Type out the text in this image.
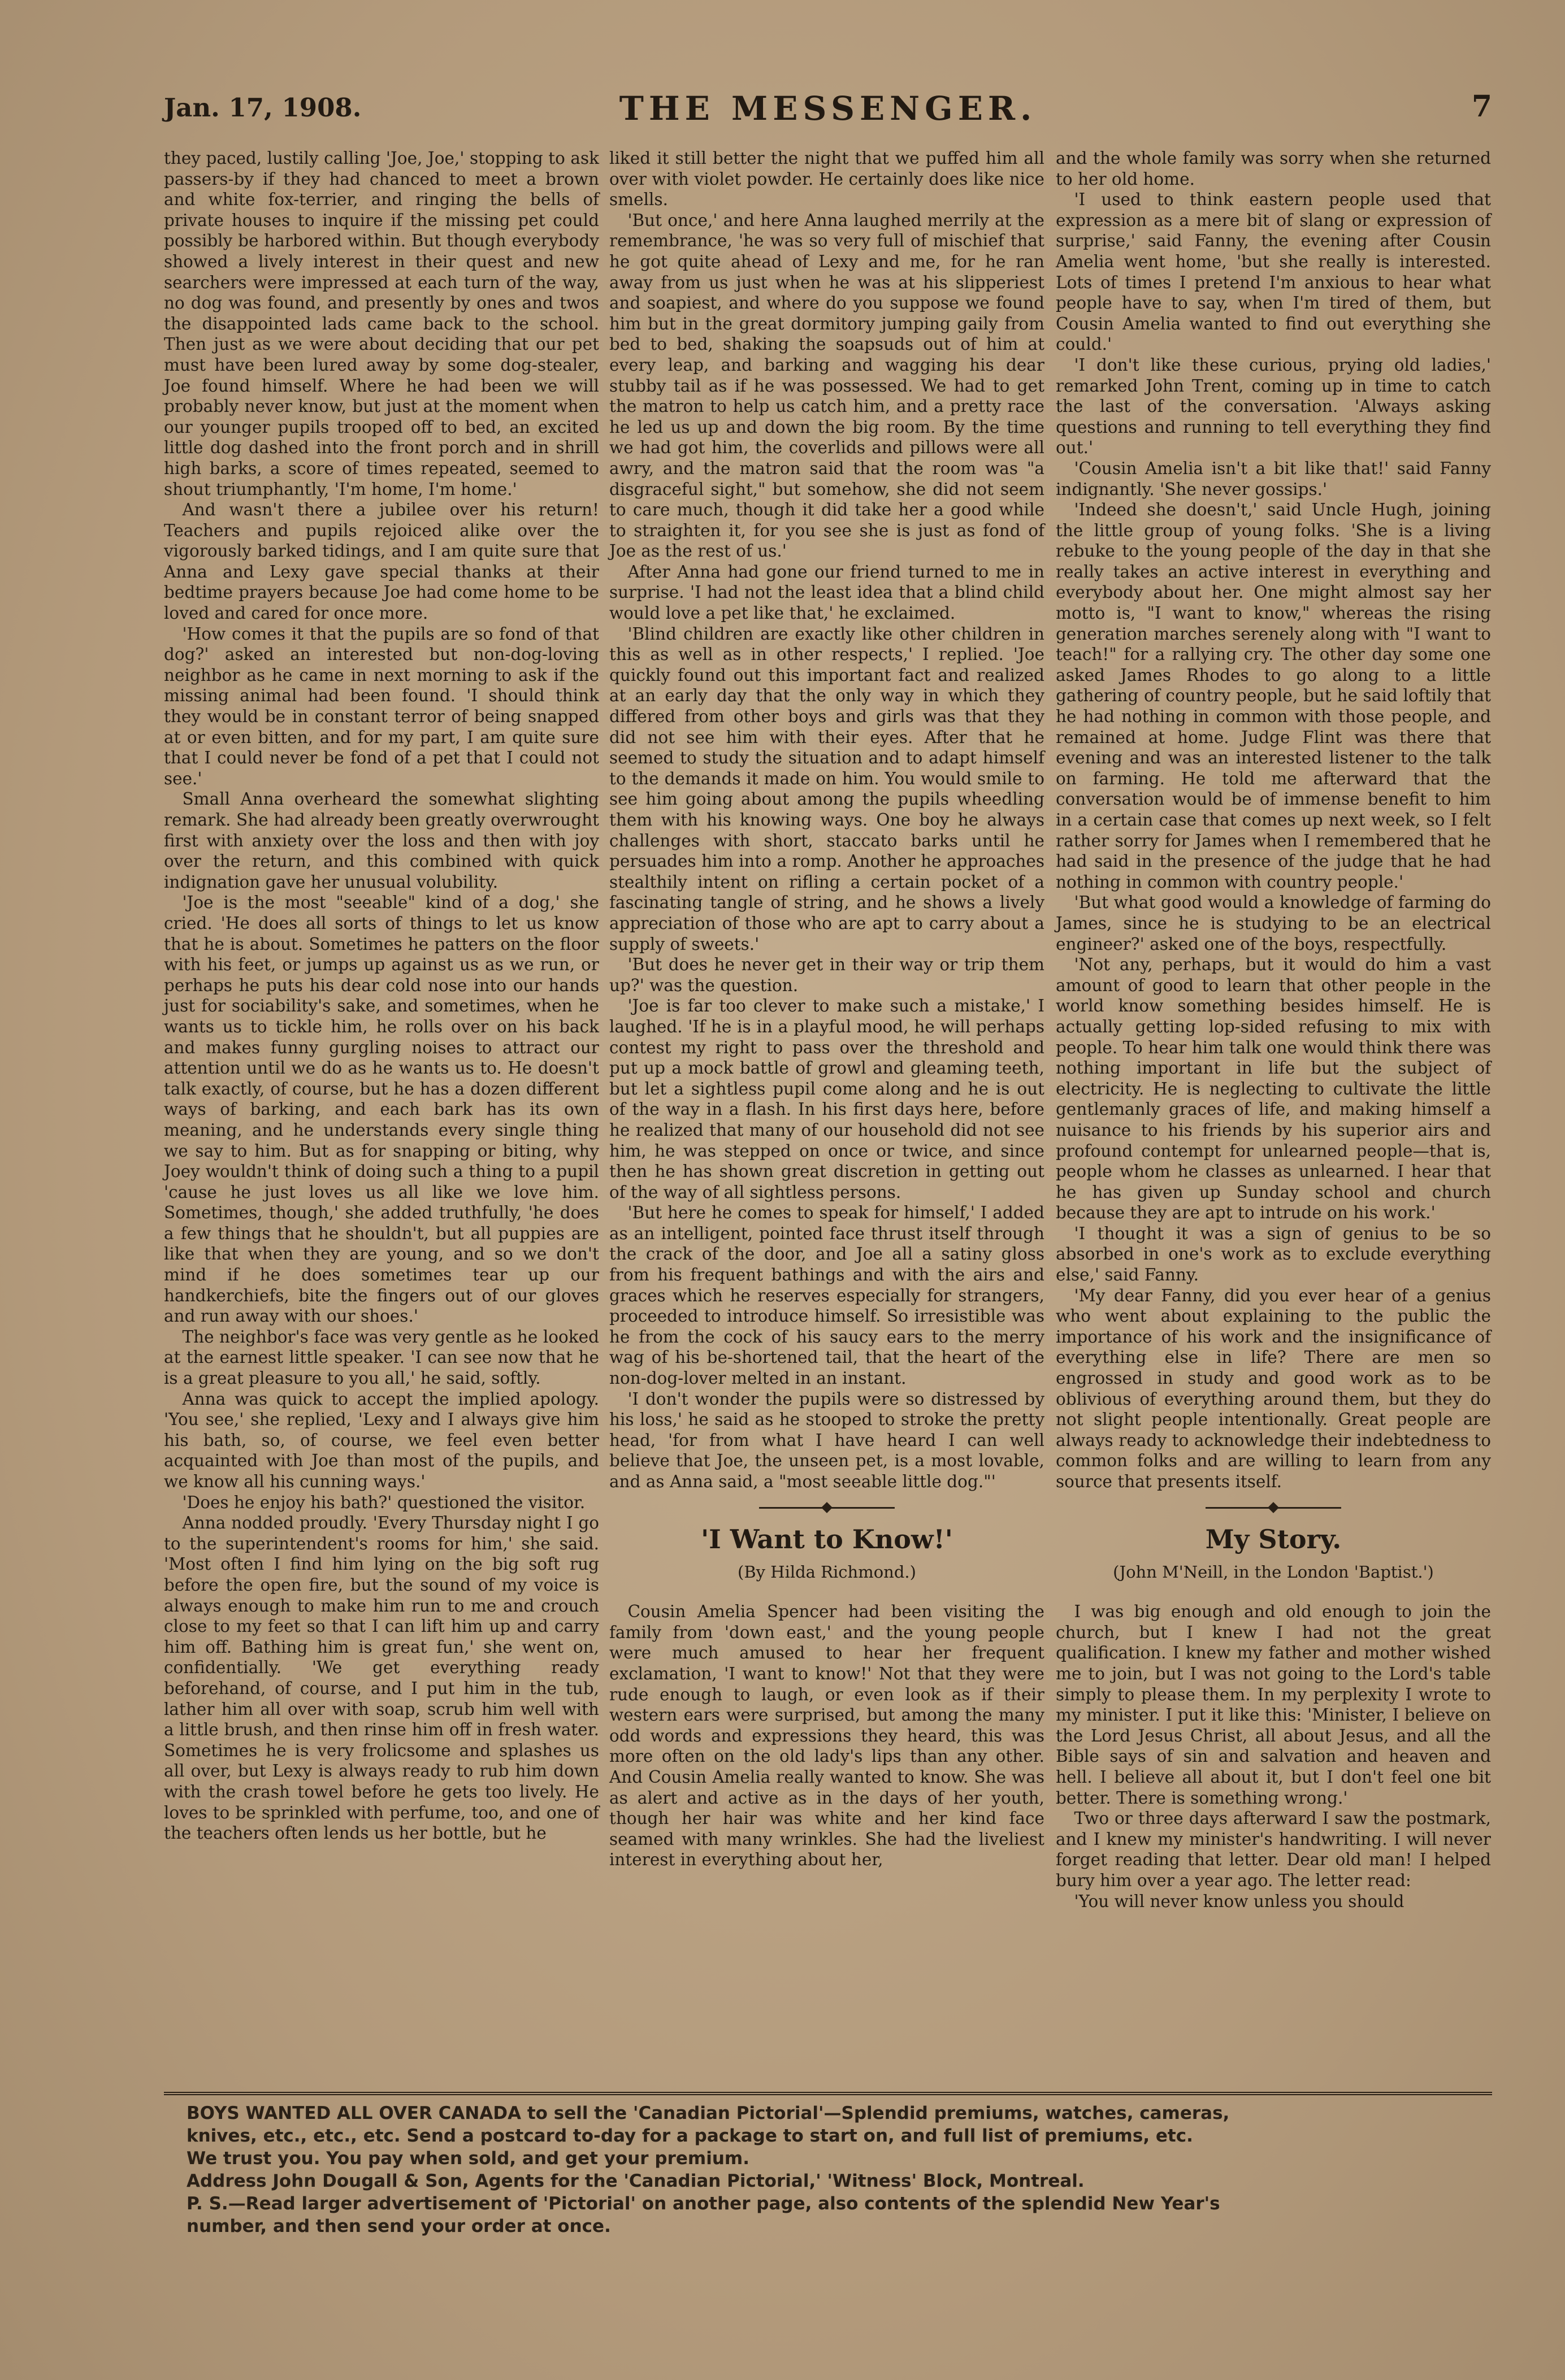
Jan. 17, 1908.	THE MESSENGER.	7

they paced, lustily calling 'Joe, Joe,' stopping to ask passers-by if they had chanced to meet a brown and white fox-terrier, and ringing the bells of private houses to inquire if the missing pet could possibly be harbored within. But though everybody showed a lively interest in their quest and new searchers were impressed at each turn of the way, no dog was found, and presently by ones and twos the disappointed lads came back to the school. Then just as we were about deciding that our pet must have been lured away by some dog-stealer, Joe found himself. Where he had been we will probably never know, but just at the moment when our younger pupils trooped off to bed, an excited little dog dashed into the front porch and in shrill high barks, a score of times repeated, seemed to shout triumphantly, 'I'm home, I'm home.'

And wasn't there a jubilee over his return! Teachers and pupils rejoiced alike over the vigorously barked tidings, and I am quite sure that Anna and Lexy gave special thanks at their bedtime prayers because Joe had come home to be loved and cared for once more.

'How comes it that the pupils are so fond of that dog?' asked an interested but non-dog-loving neighbor as he came in next morning to ask if the missing animal had been found. 'I should think they would be in constant terror of being snapped at or even bitten, and for my part, I am quite sure that I could never be fond of a pet that I could not see.'

Small Anna overheard the somewhat slighting remark. She had already been greatly overwrought first with anxiety over the loss and then with joy over the return, and this combined with quick indignation gave her unusual volubility.

'Joe is the most "seeable" kind of a dog,' she cried. 'He does all sorts of things to let us know that he is about. Sometimes he patters on the floor with his feet, or jumps up against us as we run, or perhaps he puts his dear cold nose into our hands just for sociability's sake, and sometimes, when he wants us to tickle him, he rolls over on his back and makes funny gurgling noises to attract our attention until we do as he wants us to. He doesn't talk exactly, of course, but he has a dozen different ways of barking, and each bark has its own meaning, and he understands every single thing we say to him. But as for snapping or biting, why Joey wouldn't think of doing such a thing to a pupil 'cause he just loves us all like we love him. Sometimes, though,' she added truthfully, 'he does a few things that he shouldn't, but all puppies are like that when they are young, and so we don't mind if he does sometimes tear up our handkerchiefs, bite the fingers out of our gloves and run away with our shoes.'

The neighbor's face was very gentle as he looked at the earnest little speaker. 'I can see now that he is a great pleasure to you all,' he said, softly.

Anna was quick to accept the implied apology. 'You see,' she replied, 'Lexy and I always give him his bath, so, of course, we feel even better acquainted with Joe than most of the pupils, and we know all his cunning ways.'

'Does he enjoy his bath?' questioned the visitor.

Anna nodded proudly. 'Every Thursday night I go to the superintendent's rooms for him,' she said. 'Most often I find him lying on the big soft rug before the open fire, but the sound of my voice is always enough to make him run to me and crouch close to my feet so that I can lift him up and carry him off. Bathing him is great fun,' she went on, confidentially. 'We get everything ready beforehand, of course, and I put him in the tub, lather him all over with soap, scrub him well with a little brush, and then rinse him off in fresh water. Sometimes he is very frolicsome and splashes us all over, but Lexy is always ready to rub him down with the crash towel before he gets too lively. He loves to be sprinkled with perfume, too, and one of the teachers often lends us her bottle, but he

liked it still better the night that we puffed him all over with violet powder. He certainly does like nice smells.

'But once,' and here Anna laughed merrily at the remembrance, 'he was so very full of mischief that he got quite ahead of Lexy and me, for he ran away from us just when he was at his slipperiest and soapiest, and where do you suppose we found him but in the great dormitory jumping gaily from bed to bed, shaking the soapsuds out of him at every leap, and barking and wagging his dear stubby tail as if he was possessed. We had to get the matron to help us catch him, and a pretty race he led us up and down the big room. By the time we had got him, the coverlids and pillows were all awry, and the matron said that the room was "a disgraceful sight," but somehow, she did not seem to care much, though it did take her a good while to straighten it, for you see she is just as fond of Joe as the rest of us.'

After Anna had gone our friend turned to me in surprise. 'I had not the least idea that a blind child would love a pet like that,' he exclaimed.

'Blind children are exactly like other children in this as well as in other respects,' I replied. 'Joe quickly found out this important fact and realized at an early day that the only way in which they differed from other boys and girls was that they did not see him with their eyes. After that he seemed to study the situation and to adapt himself to the demands it made on him. You would smile to see him going about among the pupils wheedling them with his knowing ways. One boy he always challenges with short, staccato barks until he persuades him into a romp. Another he approaches stealthily intent on rifling a certain pocket of a fascinating tangle of string, and he shows a lively appreciation of those who are apt to carry about a supply of sweets.'

'But does he never get in their way or trip them up?' was the question.

'Joe is far too clever to make such a mistake,' I laughed. 'If he is in a playful mood, he will perhaps contest my right to pass over the threshold and put up a mock battle of growl and gleaming teeth, but let a sightless pupil come along and he is out of the way in a flash. In his first days here, before he realized that many of our household did not see him, he was stepped on once or twice, and since then he has shown great discretion in getting out of the way of all sightless persons.

'But here he comes to speak for himself,' I added as an intelligent, pointed face thrust itself through the crack of the door, and Joe all a satiny gloss from his frequent bathings and with the airs and graces which he reserves especially for strangers, proceeded to introduce himself. So irresistible was he from the cock of his saucy ears to the merry wag of his be-shortened tail, that the heart of the non-dog-lover melted in an instant.

'I don't wonder the pupils were so distressed by his loss,' he said as he stooped to stroke the pretty head, 'for from what I have heard I can well believe that Joe, the unseen pet, is a most lovable, and as Anna said, a "most seeable little dog."'

'I Want to Know!'
(By Hilda Richmond.)

Cousin Amelia Spencer had been visiting the family from 'down east,' and the young people were much amused to hear her frequent exclamation, 'I want to know!' Not that they were rude enough to laugh, or even look as if their western ears were surprised, but among the many odd words and expressions they heard, this was more often on the old lady's lips than any other. And Cousin Amelia really wanted to know. She was as alert and active as in the days of her youth, though her hair was white and her kind face seamed with many wrinkles. She had the liveliest interest in everything about her,

and the whole family was sorry when she returned to her old home.

'I used to think eastern people used that expression as a mere bit of slang or expression of surprise,' said Fanny, the evening after Cousin Amelia went home, 'but she really is interested. Lots of times I pretend I'm anxious to hear what people have to say, when I'm tired of them, but Cousin Amelia wanted to find out everything she could.'

'I don't like these curious, prying old ladies,' remarked John Trent, coming up in time to catch the last of the conversation. 'Always asking questions and running to tell everything they find out.'

'Cousin Amelia isn't a bit like that!' said Fanny indignantly. 'She never gossips.'

'Indeed she doesn't,' said Uncle Hugh, joining the little group of young folks. 'She is a living rebuke to the young people of the day in that she really takes an active interest in everything and everybody about her. One might almost say her motto is, "I want to know," whereas the rising generation marches serenely along with "I want to teach!" for a rallying cry. The other day some one asked James Rhodes to go along to a little gathering of country people, but he said loftily that he had nothing in common with those people, and remained at home. Judge Flint was there that evening and was an interested listener to the talk on farming. He told me afterward that the conversation would be of immense benefit to him in a certain case that comes up next week, so I felt rather sorry for James when I remembered that he had said in the presence of the judge that he had nothing in common with country people.'

'But what good would a knowledge of farming do James, since he is studying to be an electrical engineer?' asked one of the boys, respectfully.

'Not any, perhaps, but it would do him a vast amount of good to learn that other people in the world know something besides himself. He is actually getting lop-sided refusing to mix with people. To hear him talk one would think there was nothing important in life but the subject of electricity. He is neglecting to cultivate the little gentlemanly graces of life, and making himself a nuisance to his friends by his superior airs and profound contempt for unlearned people—that is, people whom he classes as unlearned. I hear that he has given up Sunday school and church because they are apt to intrude on his work.'

'I thought it was a sign of genius to be so absorbed in one's work as to exclude everything else,' said Fanny.

'My dear Fanny, did you ever hear of a genius who went about explaining to the public the importance of his work and the insignificance of everything else in life? There are men so engrossed in study and good work as to be oblivious of everything around them, but they do not slight people intentionally. Great people are always ready to acknowledge their indebtedness to common folks and are willing to learn from any source that presents itself.

My Story.
(John M'Neill, in the London 'Baptist.')

I was big enough and old enough to join the church, but I knew I had not the great qualification. I knew my father and mother wished me to join, but I was not going to the Lord's table simply to please them. In my perplexity I wrote to my minister. I put it like this: 'Minister, I believe on the Lord Jesus Christ, all about Jesus, and all the Bible says of sin and salvation and heaven and hell. I believe all about it, but I don't feel one bit better. There is something wrong.'

Two or three days afterward I saw the postmark, and I knew my minister's handwriting. I will never forget reading that letter. Dear old man! I helped bury him over a year ago. The letter read:

'You will never know unless you should

BOYS WANTED ALL OVER CANADA to sell the 'Canadian Pictorial'—Splendid premiums, watches, cameras,
knives, etc., etc., etc. Send a postcard to-day for a package to start on, and full list of premiums, etc.
We trust you. You pay when sold, and get your premium.
Address John Dougall & Son, Agents for the 'Canadian Pictorial,' 'Witness' Block, Montreal.
P. S.—Read larger advertisement of 'Pictorial' on another page, also contents of the splendid New Year's
number, and then send your order at once.
